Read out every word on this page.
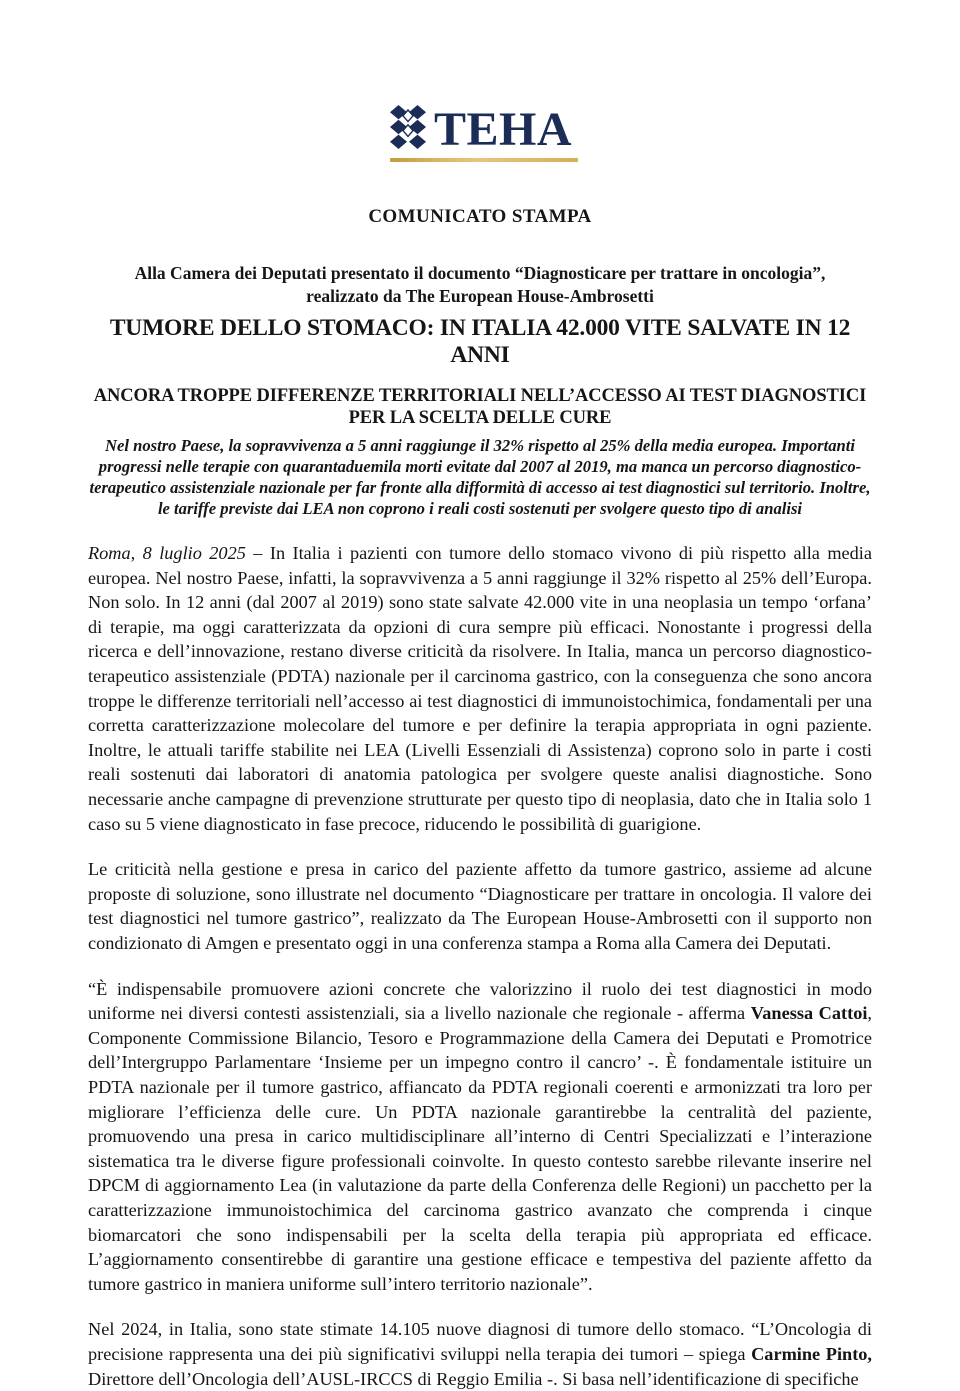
TEHA
COMUNICATO STAMPA
Alla Camera dei Deputati presentato il documento “Diagnosticare per trattare in oncologia”,
realizzato da The European House-Ambrosetti
TUMORE DELLO STOMACO: IN ITALIA 42.000 VITE SALVATE IN 12 ANNI
ANCORA TROPPE DIFFERENZE TERRITORIALI NELL’ACCESSO AI TEST DIAGNOSTICI
PER LA SCELTA DELLE CURE
Nel nostro Paese, la sopravvivenza a 5 anni raggiunge il 32% rispetto al 25% della media europea. Importanti progressi nelle terapie con quarantaduemila morti evitate dal 2007 al 2019, ma manca un percorso diagnostico-terapeutico assistenziale nazionale per far fronte alla difformità di accesso ai test diagnostici sul territorio. Inoltre, le tariffe previste dai LEA non coprono i reali costi sostenuti per svolgere questo tipo di analisi

Roma, 8 luglio 2025 – In Italia i pazienti con tumore dello stomaco vivono di più rispetto alla media europea. Nel nostro Paese, infatti, la sopravvivenza a 5 anni raggiunge il 32% rispetto al 25% dell’Europa. Non solo. In 12 anni (dal 2007 al 2019) sono state salvate 42.000 vite in una neoplasia un tempo ‘orfana’ di terapie, ma oggi caratterizzata da opzioni di cura sempre più efficaci. Nonostante i progressi della ricerca e dell’innovazione, restano diverse criticità da risolvere. In Italia, manca un percorso diagnostico-terapeutico assistenziale (PDTA) nazionale per il carcinoma gastrico, con la conseguenza che sono ancora troppe le differenze territoriali nell’accesso ai test diagnostici di immunoistochimica, fondamentali per una corretta caratterizzazione molecolare del tumore e per definire la terapia appropriata in ogni paziente. Inoltre, le attuali tariffe stabilite nei LEA (Livelli Essenziali di Assistenza) coprono solo in parte i costi reali sostenuti dai laboratori di anatomia patologica per svolgere queste analisi diagnostiche. Sono necessarie anche campagne di prevenzione strutturate per questo tipo di neoplasia, dato che in Italia solo 1 caso su 5 viene diagnosticato in fase precoce, riducendo le possibilità di guarigione.

Le criticità nella gestione e presa in carico del paziente affetto da tumore gastrico, assieme ad alcune proposte di soluzione, sono illustrate nel documento “Diagnosticare per trattare in oncologia. Il valore dei test diagnostici nel tumore gastrico”, realizzato da The European House-Ambrosetti con il supporto non condizionato di Amgen e presentato oggi in una conferenza stampa a Roma alla Camera dei Deputati.

“È indispensabile promuovere azioni concrete che valorizzino il ruolo dei test diagnostici in modo uniforme nei diversi contesti assistenziali, sia a livello nazionale che regionale - afferma Vanessa Cattoi, Componente Commissione Bilancio, Tesoro e Programmazione della Camera dei Deputati e Promotrice dell’Intergruppo Parlamentare ‘Insieme per un impegno contro il cancro’ -. È fondamentale istituire un PDTA nazionale per il tumore gastrico, affiancato da PDTA regionali coerenti e armonizzati tra loro per migliorare l’efficienza delle cure. Un PDTA nazionale garantirebbe la centralità del paziente, promuovendo una presa in carico multidisciplinare all’interno di Centri Specializzati e l’interazione sistematica tra le diverse figure professionali coinvolte. In questo contesto sarebbe rilevante inserire nel DPCM di aggiornamento Lea (in valutazione da parte della Conferenza delle Regioni) un pacchetto per la caratterizzazione immunoistochimica del carcinoma gastrico avanzato che comprenda i cinque biomarcatori che sono indispensabili per la scelta della terapia più appropriata ed efficace. L’aggiornamento consentirebbe di garantire una gestione efficace e tempestiva del paziente affetto da tumore gastrico in maniera uniforme sull’intero territorio nazionale”.

Nel 2024, in Italia, sono state stimate 14.105 nuove diagnosi di tumore dello stomaco. “L’Oncologia di precisione rappresenta una dei più significativi sviluppi nella terapia dei tumori – spiega Carmine Pinto, Direttore dell’Oncologia dell’AUSL-IRCCS di Reggio Emilia -. Si basa nell’identificazione di specifiche
